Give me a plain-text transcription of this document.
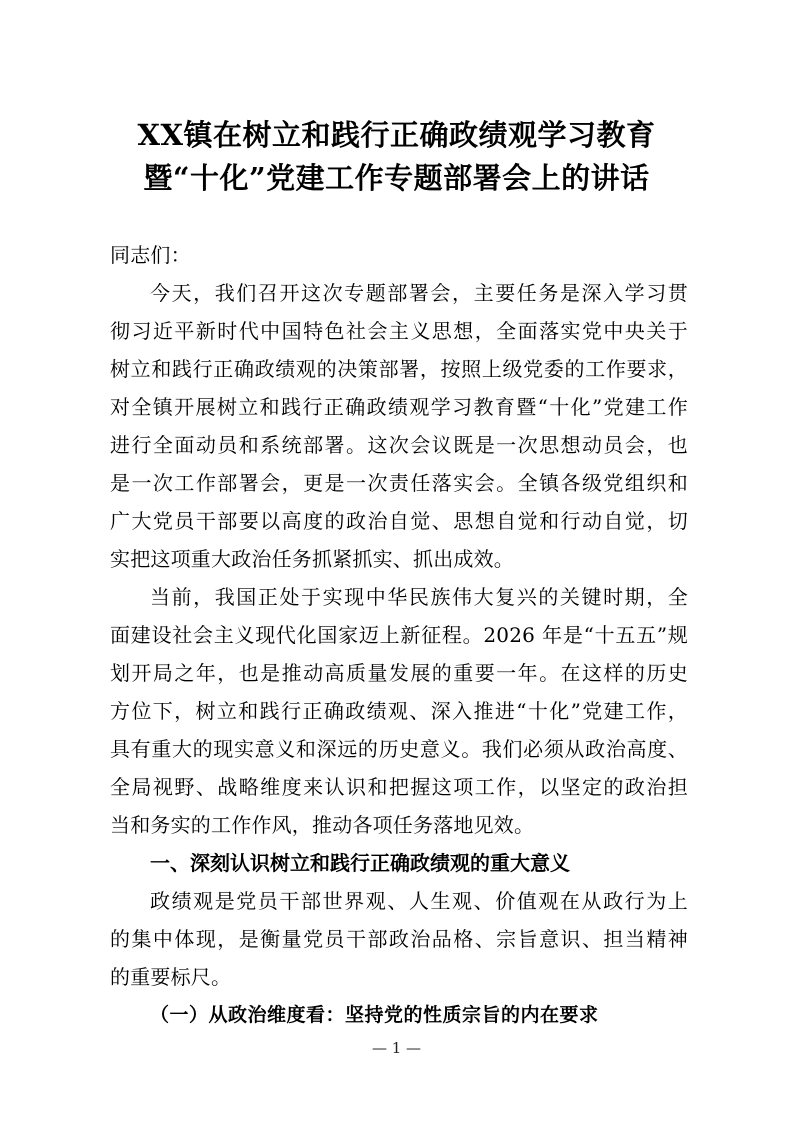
XX镇在树立和践行正确政绩观学习教育
暨“十化”党建工作专题部署会上的讲话
同志们：
今天，我们召开这次专题部署会，主要任务是深入学习贯
彻习近平新时代中国特色社会主义思想，全面落实党中央关于
树立和践行正确政绩观的决策部署，按照上级党委的工作要求，
对全镇开展树立和践行正确政绩观学习教育暨“十化”党建工作
进行全面动员和系统部署。这次会议既是一次思想动员会，也
是一次工作部署会，更是一次责任落实会。全镇各级党组织和
广大党员干部要以高度的政治自觉、思想自觉和行动自觉，切
实把这项重大政治任务抓紧抓实、抓出成效。
当前，我国正处于实现中华民族伟大复兴的关键时期，全
面建设社会主义现代化国家迈上新征程。2026 年是“十五五”规
划开局之年，也是推动高质量发展的重要一年。在这样的历史
方位下，树立和践行正确政绩观、深入推进“十化”党建工作，
具有重大的现实意义和深远的历史意义。我们必须从政治高度、
全局视野、战略维度来认识和把握这项工作，以坚定的政治担
当和务实的工作作风，推动各项任务落地见效。
一、深刻认识树立和践行正确政绩观的重大意义
政绩观是党员干部世界观、人生观、价值观在从政行为上
的集中体现，是衡量党员干部政治品格、宗旨意识、担当精神
的重要标尺。
（一）从政治维度看：坚持党的性质宗旨的内在要求
— 1 —
